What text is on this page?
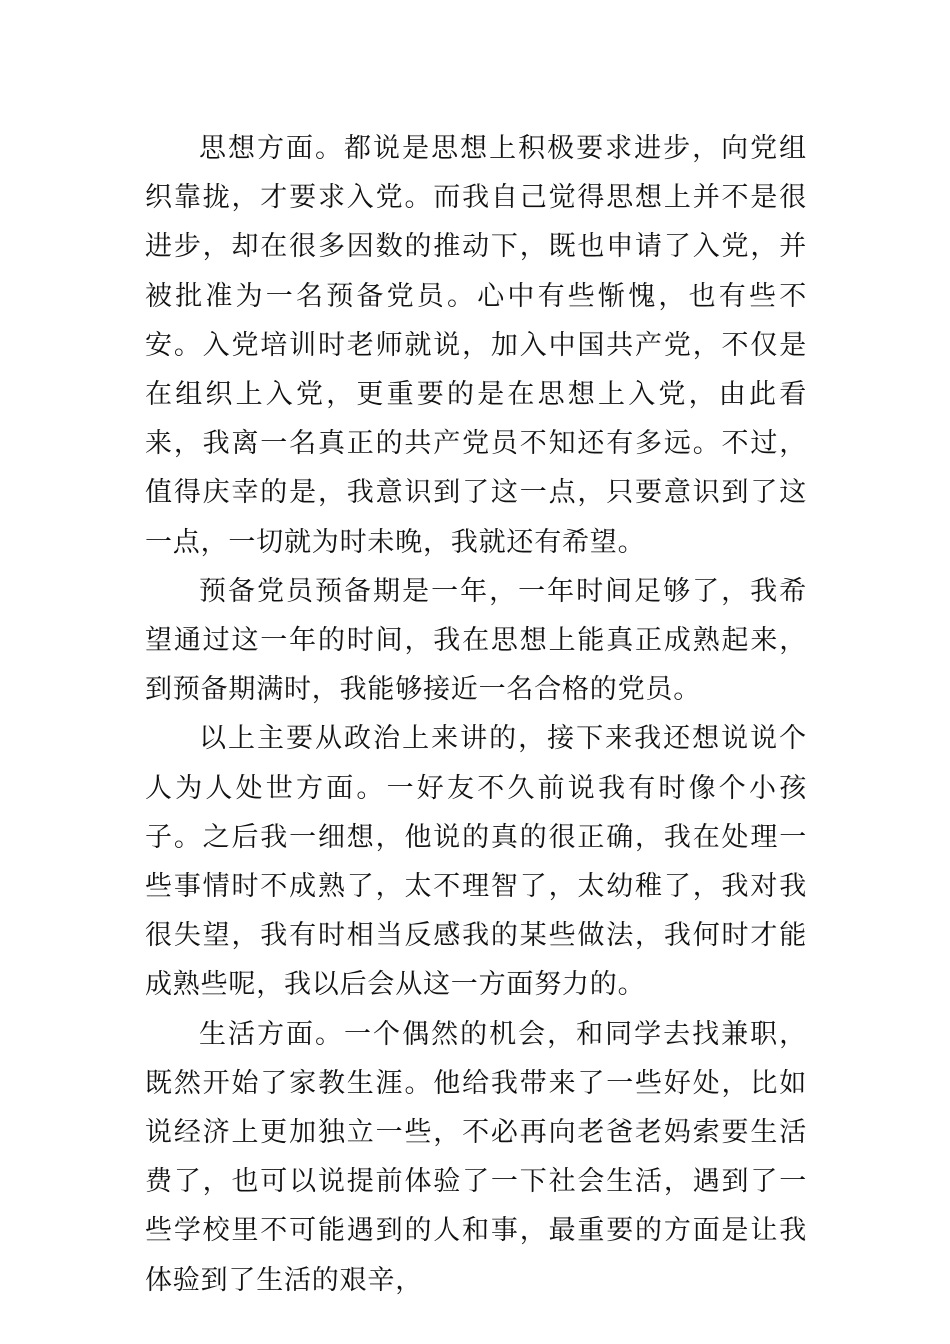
思想方面。都说是思想上积极要求进步，向党组织靠拢，才要求入党。而我自己觉得思想上并不是很进步，却在很多因数的推动下，既也申请了入党，并被批准为一名预备党员。心中有些惭愧，也有些不安。入党培训时老师就说，加入中国共产党，不仅是在组织上入党，更重要的是在思想上入党，由此看来，我离一名真正的共产党员不知还有多远。不过，值得庆幸的是，我意识到了这一点，只要意识到了这一点，一切就为时未晚，我就还有希望。

预备党员预备期是一年，一年时间足够了，我希望通过这一年的时间，我在思想上能真正成熟起来，到预备期满时，我能够接近一名合格的党员。

以上主要从政治上来讲的，接下来我还想说说个人为人处世方面。一好友不久前说我有时像个小孩子。之后我一细想，他说的真的很正确，我在处理一些事情时不成熟了，太不理智了，太幼稚了，我对我很失望，我有时相当反感我的某些做法，我何时才能成熟些呢，我以后会从这一方面努力的。

生活方面。一个偶然的机会，和同学去找兼职，既然开始了家教生涯。他给我带来了一些好处，比如说经济上更加独立一些，不必再向老爸老妈索要生活费了，也可以说提前体验了一下社会生活，遇到了一些学校里不可能遇到的人和事，最重要的方面是让我体验到了生活的艰辛，
